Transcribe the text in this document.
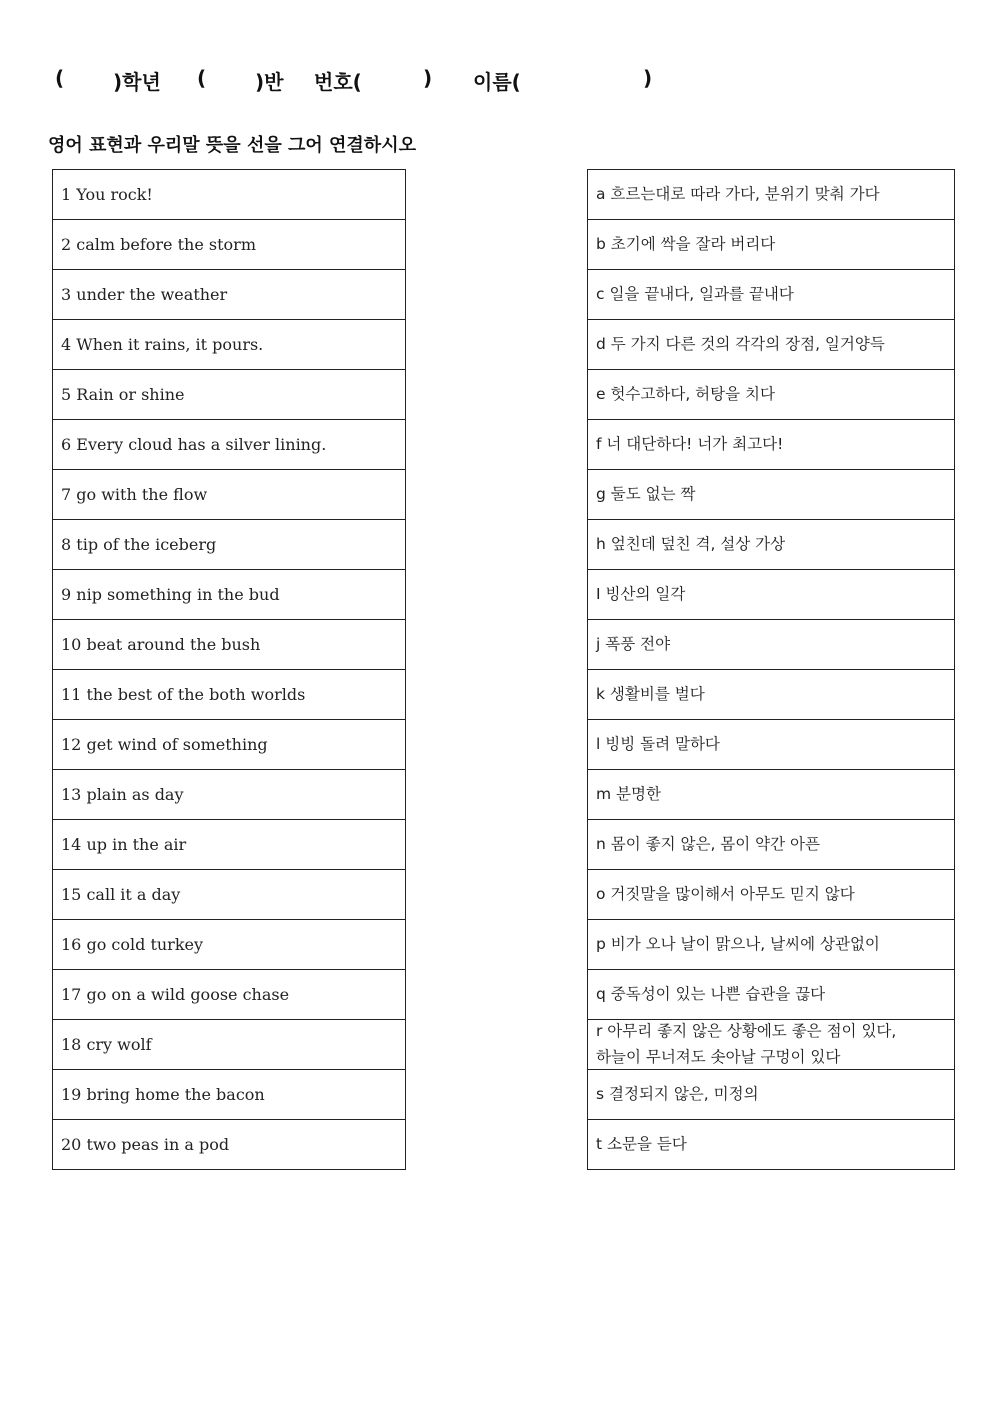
( )학년 ( )반 번호(	) 이름(	)
영어 표현과 우리말 뜻을 선을 그어 연결하시오
1 You rock!
2 calm before the storm
3 under the weather
4 When it rains, it pours.
5 Rain or shine
6 Every cloud has a silver lining.
7 go with the flow
8 tip of the iceberg
9 nip something in the bud
10 beat around the bush
11 the best of the both worlds
12 get wind of something
13 plain as day
14 up in the air
15 call it a day
16 go cold turkey
17 go on a wild goose chase
18 cry wolf
19 bring home the bacon
20 two peas in a pod
a 흐르는대로 따라 가다, 분위기 맞춰 가다
b 초기에 싹을 잘라 버리다
c 일을 끝내다, 일과를 끝내다
d 두 가지 다른 것의 각각의 장점, 일거양득
e 헛수고하다, 허탕을 치다
f 너 대단하다! 너가 최고다!
g 둘도 없는 짝
h 엎친데 덮친 격, 설상 가상
I 빙산의 일각
j 폭풍 전야
k 생활비를 벌다
l 빙빙 돌려 말하다
m 분명한
n 몸이 좋지 않은, 몸이 약간 아픈
o 거짓말을 많이해서 아무도 믿지 않다
p 비가 오나 날이 맑으나, 날씨에 상관없이
q 중독성이 있는 나쁜 습관을 끊다
r 아무리 좋지 않은 상황에도 좋은 점이 있다,
하늘이 무너져도 솟아날 구멍이 있다
s 결정되지 않은, 미정의
t 소문을 듣다
